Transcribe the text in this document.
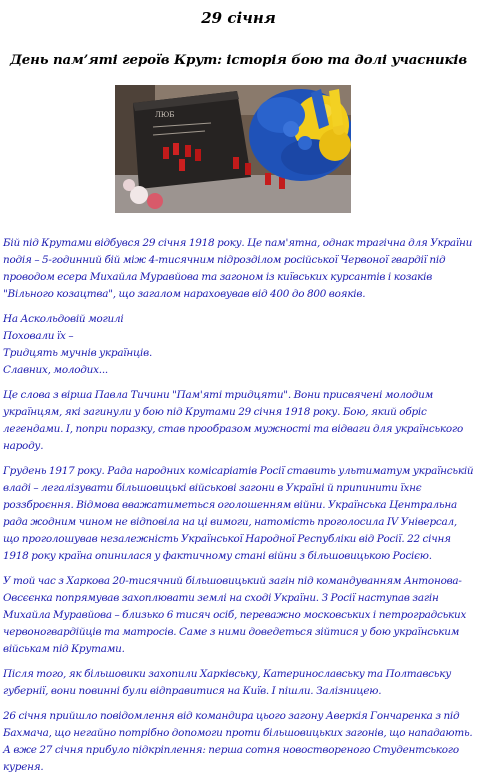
29 січня
День пам’яті героїв Крут: історія бою та долі учасників
ЛЮБ

Бій під Крутами відбувся 29 січня 1918 року. Це пам'ятна, однак трагічна для України подія – 5-годинний бій між 4-тисячним підрозділом російської Червоної гвардії під проводом есера Михайла Муравйова та загоном із київських курсантів і козаків "Вільного козацтва", що загалом нараховував від 400 до 800 вояків.

На Аскольдовій могилі
Поховали їх –
Тридцять мучнів українців.
Славних, молодих...

Це слова з вірша Павла Тичини "Пам'яті тридцяти". Вони присвячені молодим українцям, які загинули у бою під Крутами 29 січня 1918 року. Бою, який обріс легендами. І, попри поразку, став прообразом мужності та відваги для українського народу.

Грудень 1917 року. Рада народних комісаріатів Росії ставить ультиматум українській владі – легалізувати більшовицькі військові загони в Україні й припинити їхнє роззброєння. Відмова вважатиметься оголошенням війни. Українська Центральна рада жодним чином не відповіла на ці вимоги, натомість проголосила IV Універсал, що проголошував незалежність Української Народної Республіки від Росії. 22 січня 1918 року країна опинилася у фактичному стані війни з більшовицькою Росією.

У той час з Харкова 20-тисячний більшовицький загін під командуванням Антонова-Овсєєнка попрямував захоплювати землі на сході України. З Росії наступав загін Михайла Муравйова – близько 6 тисяч осіб, переважно московських і петроградських червоногвардійців та матросів. Саме з ними доведеться зійтися у бою українським військам під Крутами.

Після того, як більшовики захопили Харківську, Катеринославську та Полтавську губернії, вони повинні були відправитися на Київ. І пішли. Залізницею.

26 січня прийшло повідомлення від командира цього загону Аверкія Гончаренка з під Бахмача, що негайно потрібно допомоги проти більшовицьких загонів, що нападають. А вже 27 січня прибуло підкріплення: перша сотня новоствореного Студентського куреня.
